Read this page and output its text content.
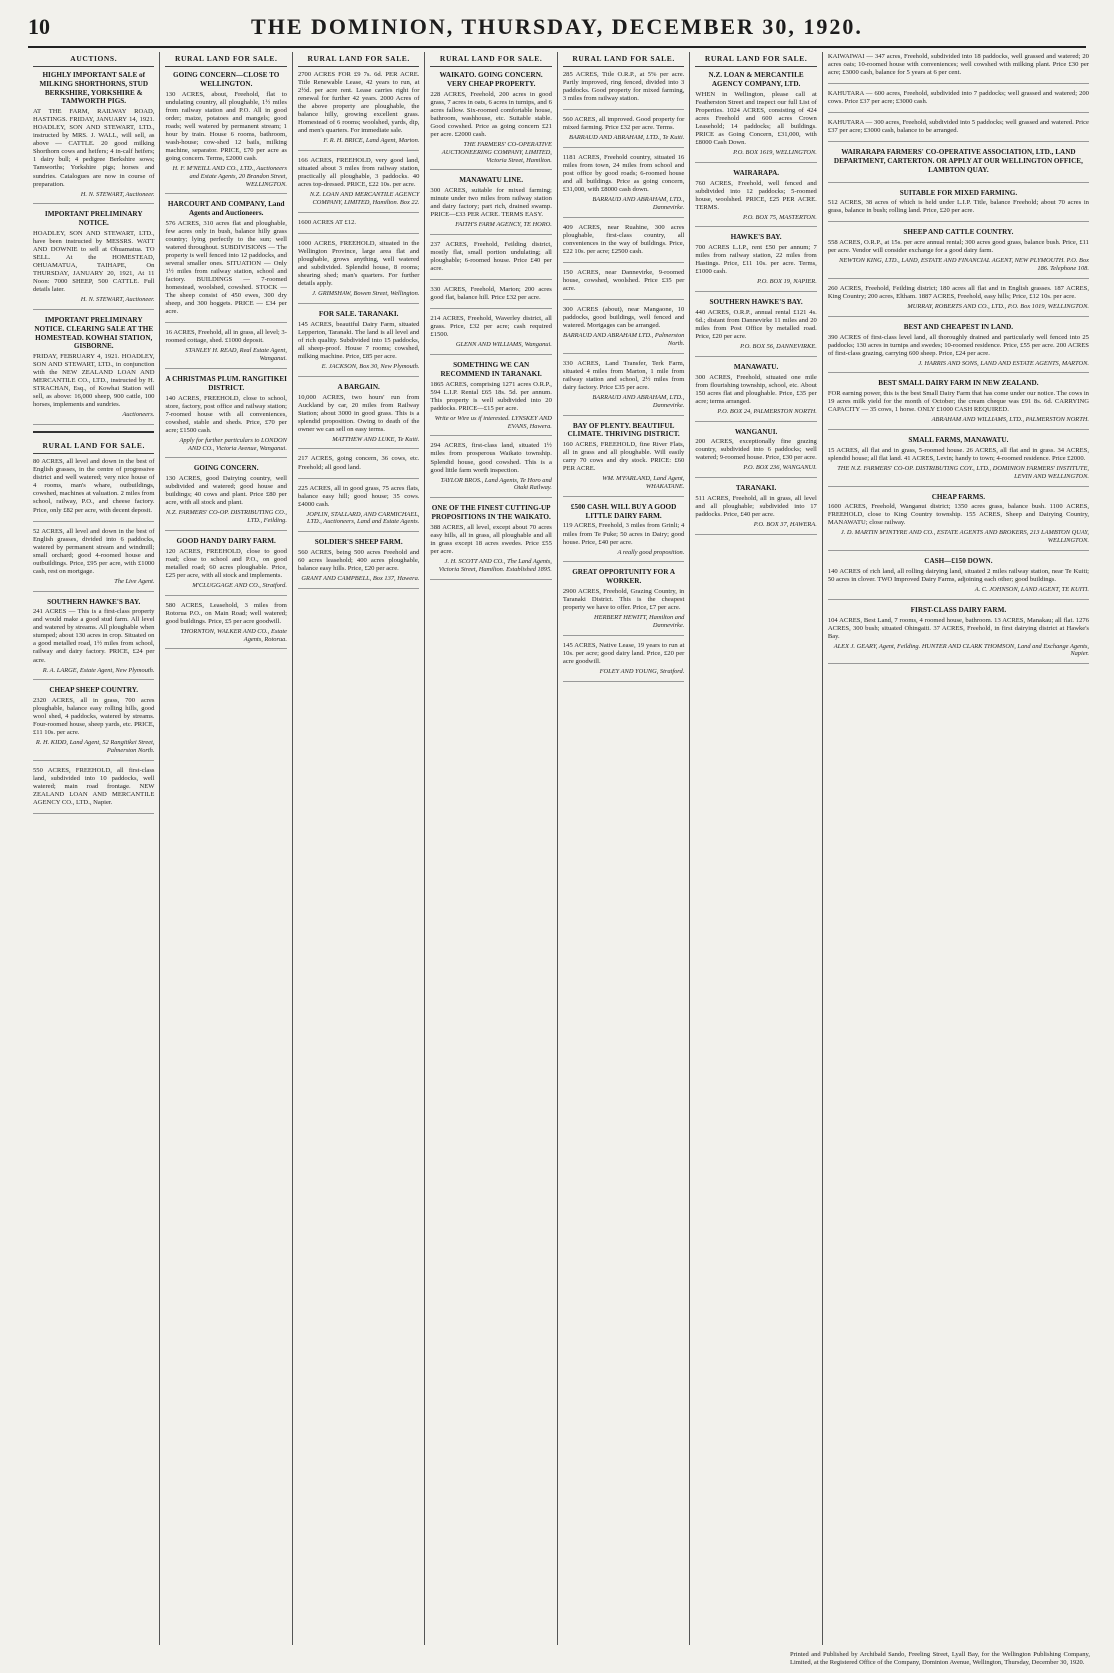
10	THE DOMINION, THURSDAY, DECEMBER 30, 1920.
AUCTIONS.
HIGHLY IMPORTANT SALE of MILKING SHORTHORNS, STUD BERKSHIRE, YORKSHIRE & TAMWORTH PIGS.
AT THE FARM, RAILWAY ROAD, HASTINGS. FRIDAY, JANUARY 14, 1921. HOADLEY, SON AND STEWART, LTD., instructed by MRS. J. WALL, will sell, as above — CATTLE. 20 good milking Shorthorn cows and heifers; 4 in-calf heifers; 1 dairy bull; 4 pedigree Berkshire sows; Tamworths; Yorkshire pigs; horses and sundries. Catalogues are now in course of preparation.
H. N. STEWART, Auctioneer.
IMPORTANT PRELIMINARY NOTICE.
HOADLEY, SON AND STEWART, LTD., have been instructed by MESSRS. WATT AND DOWNIE to sell at Ohuamatua. TO SELL. At the HOMESTEAD, OHUAMATUA, TAIHAPE, On THURSDAY, JANUARY 20, 1921, At 11 Noon: 7000 SHEEP, 500 CATTLE. Full details later.
H. N. STEWART, Auctioneer.
IMPORTANT PRELIMINARY NOTICE. CLEARING SALE AT THE HOMESTEAD. KOWHAI STATION, GISBORNE.
FRIDAY, FEBRUARY 4, 1921. HOADLEY, SON AND STEWART, LTD., in conjunction with the NEW ZEALAND LOAN AND MERCANTILE CO., LTD., instructed by H. STRACHAN, Esq., of Kowhai Station will sell, as above: 16,000 sheep, 900 cattle, 100 horses, implements and sundries.
Auctioneers.
RURAL LAND FOR SALE.
80 ACRES, all level and down in the best of English grasses, in the centre of progressive district and well watered; very nice house of 4 rooms, man's whare, outbuildings, cowshed, machines at valuation. 2 miles from school, railway, P.O., and cheese factory. Price, only £82 per acre, with decent deposit.
52 ACRES, all level and down in the best of English grasses, divided into 6 paddocks, watered by permanent stream and windmill; small orchard; good 4-roomed house and outbuildings. Price, £95 per acre, with £1000 cash, rest on mortgage.
The Live Agent.
SOUTHERN HAWKE'S BAY.
241 ACRES — This is a first-class property and would make a good stud farm. All level and watered by streams. All ploughable when stumped; about 130 acres in crop. Situated on a good metalled road, 1½ miles from school, railway and dairy factory. PRICE, £24 per acre.
R. A. LARGE, Estate Agent, New Plymouth.
CHEAP SHEEP COUNTRY.
2320 ACRES, all in grass, 700 acres ploughable, balance easy rolling hills, good wool shed, 4 paddocks, watered by streams. Four-roomed house, sheep yards, etc. PRICE, £11 10s. per acre.
R. H. KIDD, Land Agent, 52 Rangitikei Street, Palmerston North.
550 ACRES, FREEHOLD, all first-class land, subdivided into 10 paddocks, well watered; main road frontage. NEW ZEALAND LOAN AND MERCANTILE AGENCY CO., LTD., Napier.
RURAL LAND FOR SALE.
GOING CONCERN—CLOSE TO WELLINGTON.
130 ACRES, about, Freehold, flat to undulating country, all ploughable, 1½ miles from railway station and P.O. All in good order; maize, potatoes and mangels; good roads; well watered by permanent stream; 1 hour by train. House 6 rooms, bathroom, wash-house; cow-shed 12 bails, milking machine, separator. PRICE, £70 per acre as going concern. Terms, £2000 cash.
H. F. M'NEILL AND CO., LTD., Auctioneers and Estate Agents, 20 Brandon Street, WELLINGTON.
HARCOURT AND COMPANY, Land Agents and Auctioneers.
576 ACRES, 310 acres flat and ploughable, few acres only in bush, balance hilly grass country; lying perfectly to the sun; well watered throughout. SUBDIVISIONS — The property is well fenced into 12 paddocks, and several smaller ones. SITUATION — Only 1½ miles from railway station, school and factory. BUILDINGS — 7-roomed homestead, woolshed, cowshed. STOCK — The sheep consist of 450 ewes, 300 dry sheep, and 300 hoggets. PRICE — £34 per acre.
16 ACRES, Freehold, all in grass, all level; 3-roomed cottage, shed. £1000 deposit.
STANLEY H. READ, Real Estate Agent, Wanganui.
A CHRISTMAS PLUM. RANGITIKEI DISTRICT.
140 ACRES, FREEHOLD, close to school, store, factory, post office and railway station; 7-roomed house with all conveniences, cowshed, stable and sheds. Price, £70 per acre; £1500 cash.
Apply for further particulars to LONDON AND CO., Victoria Avenue, Wanganui.
GOING CONCERN.
130 ACRES, good Dairying country, well subdivided and watered; good house and buildings; 40 cows and plant. Price £80 per acre, with all stock and plant.
N.Z. FARMERS' CO-OP. DISTRIBUTING CO., LTD., Feilding.
GOOD HANDY DAIRY FARM.
120 ACRES, FREEHOLD, close to good road; close to school and P.O., on good metalled road; 60 acres ploughable. Price, £25 per acre, with all stock and implements.
M'CLUGGAGE AND CO., Stratford.
580 ACRES, Leasehold, 3 miles from Rotorua P.O., on Main Road; well watered; good buildings. Price, £5 per acre goodwill.
THORNTON, WALKER AND CO., Estate Agents, Rotorua.
RURAL LAND FOR SALE.
2700 ACRES FOR £9 7s. 6d. PER ACRE. Title Renewable Lease, 42 years to run, at 2½d. per acre rent. Lease carries right for renewal for further 42 years. 2000 Acres of the above property are ploughable, the balance hilly, growing excellent grass. Homestead of 6 rooms; woolshed, yards, dip, and men's quarters. For immediate sale.
F. R. H. BRICE, Land Agent, Marton.
166 ACRES, FREEHOLD, very good land, situated about 3 miles from railway station, practically all ploughable, 3 paddocks. 40 acres top-dressed. PRICE, £22 10s. per acre.
N.Z. LOAN AND MERCANTILE AGENCY COMPANY, LIMITED, Hamilton. Box 22.
1600 ACRES AT £12.
1000 ACRES, FREEHOLD, situated in the Wellington Province, large area flat and ploughable, grows anything, well watered and subdivided. Splendid house, 8 rooms; shearing shed; man's quarters. For further details apply.
J. GRIMSHAW, Bowen Street, Wellington.
FOR SALE. TARANAKI.
145 ACRES, beautiful Dairy Farm, situated Lepperton, Taranaki. The land is all level and of rich quality. Subdivided into 15 paddocks, all sheep-proof. House 7 rooms; cowshed, milking machine. Price, £85 per acre.
E. JACKSON, Box 30, New Plymouth.
A BARGAIN.
10,000 ACRES, two hours' run from Auckland by car, 20 miles from Railway Station; about 3000 in good grass. This is a splendid proposition. Owing to death of the owner we can sell on easy terms.
MATTHEW AND LUKE, Te Kuiti.
217 ACRES, going concern, 36 cows, etc. Freehold; all good land.
225 ACRES, all in good grass, 75 acres flats, balance easy hill; good house; 35 cows. £4000 cash.
JOPLIN, STALLARD, AND CARMICHAEL, LTD., Auctioneers, Land and Estate Agents.
SOLDIER'S SHEEP FARM.
560 ACRES, being 500 acres Freehold and 60 acres leasehold; 400 acres ploughable, balance easy hills. Price, £20 per acre.
GRANT AND CAMPBELL, Box 137, Hawera.
RURAL LAND FOR SALE.
WAIKATO. GOING CONCERN. VERY CHEAP PROPERTY.
228 ACRES, Freehold, 200 acres in good grass, 7 acres in oats, 6 acres in turnips, and 6 acres fallow. Six-roomed comfortable house, bathroom, washhouse, etc. Suitable stable. Good cowshed. Price as going concern £21 per acre. £2000 cash.
THE FARMERS' CO-OPERATIVE AUCTIONEERING COMPANY, LIMITED, Victoria Street, Hamilton.
MANAWATU LINE.
300 ACRES, suitable for mixed farming; minute under two miles from railway station and dairy factory; part rich, drained swamp. PRICE—£33 PER ACRE. TERMS EASY.
FAITH'S FARM AGENCY, TE HORO.
237 ACRES, Freehold, Feilding district, mostly flat, small portion undulating; all ploughable; 6-roomed house. Price £40 per acre.
330 ACRES, Freehold, Marton; 200 acres good flat, balance hill. Price £32 per acre.
214 ACRES, Freehold, Waverley district, all grass. Price, £32 per acre; cash required £1500.
GLENN AND WILLIAMS, Wanganui.
SOMETHING WE CAN RECOMMEND IN TARANAKI.
1865 ACRES, comprising 1271 acres O.R.P., 594 L.I.P. Rental £65 18s. 5d. per annum. This property is well subdivided into 20 paddocks. PRICE—£15 per acre.
Write or Wire us if interested. LYNSKEY AND EVANS, Hawera.
294 ACRES, first-class land, situated 1½ miles from prosperous Waikato township. Splendid house, good cowshed. This is a good little farm worth inspection.
TAYLOR BROS., Land Agents, Te Horo and Otaki Railway.
ONE OF THE FINEST CUTTING-UP PROPOSITIONS IN THE WAIKATO.
388 ACRES, all level, except about 70 acres easy hills, all in grass, all ploughable and all in grass except 18 acres swedes. Price £55 per acre.
J. H. SCOTT AND CO., The Land Agents, Victoria Street, Hamilton. Established 1895.
RURAL LAND FOR SALE.
285 ACRES, Title O.R.P., at 5% per acre. Partly improved, ring fenced, divided into 3 paddocks. Good property for mixed farming, 3 miles from railway station.
560 ACRES, all improved. Good property for mixed farming. Price £32 per acre. Terms.
BARRAUD AND ABRAHAM, LTD., Te Kuiti.
1181 ACRES, Freehold country, situated 16 miles from town, 24 miles from school and post office by good roads; 6-roomed house and all buildings. Price as going concern, £31,000, with £8000 cash down.
BARRAUD AND ABRAHAM, LTD., Dannevirke.
409 ACRES, near Ruahine, 300 acres ploughable, first-class country, all conveniences in the way of buildings. Price, £22 10s. per acre; £2500 cash.
150 ACRES, near Dannevirke, 9-roomed house, cowshed, woolshed. Price £35 per acre.
300 ACRES (about), near Mangaone, 10 paddocks, good buildings, well fenced and watered. Mortgages can be arranged.
BARRAUD AND ABRAHAM LTD., Palmerston North.
330 ACRES, Land Transfer, Terk Farm, situated 4 miles from Marton, 1 mile from railway station and school, 2½ miles from dairy factory. Price £35 per acre.
BARRAUD AND ABRAHAM, LTD., Dannevirke.
BAY OF PLENTY. BEAUTIFUL CLIMATE. THRIVING DISTRICT.
160 ACRES, FREEHOLD, fine River Flats, all in grass and all ploughable. Will easily carry 70 cows and dry stock. PRICE: £60 PER ACRE.
WM. M'FARLAND, Land Agent, WHAKATANE.
£500 CASH. WILL BUY A GOOD LITTLE DAIRY FARM.
119 ACRES, Freehold, 3 miles from Grinli; 4 miles from Te Puke; 50 acres in Dairy; good house. Price, £40 per acre.
A really good proposition.
GREAT OPPORTUNITY FOR A WORKER.
2900 ACRES, Freehold, Grazing Country, in Taranaki District. This is the cheapest property we have to offer. Price, £7 per acre.
HERBERT HEWITT, Hamilton and Dannevirke.
145 ACRES, Native Lease, 19 years to run at 10s. per acre; good dairy land. Price, £20 per acre goodwill.
FOLEY AND YOUNG, Stratford.
RURAL LAND FOR SALE.
N.Z. LOAN & MERCANTILE AGENCY COMPANY, LTD.
WHEN in Wellington, please call at Featherston Street and inspect our full List of Properties. 1024 ACRES, consisting of 424 acres Freehold and 600 acres Crown Leasehold; 14 paddocks; all buildings. PRICE as Going Concern, £31,000, with £8000 Cash Down.
P.O. BOX 1619, WELLINGTON.
WAIRARAPA.
760 ACRES, Freehold, well fenced and subdivided into 12 paddocks; 5-roomed house, woolshed. PRICE, £25 PER ACRE. TERMS.
P.O. BOX 75, MASTERTON.
HAWKE'S BAY.
700 ACRES L.I.P., rent £50 per annum; 7 miles from railway station, 22 miles from Hastings. Price, £11 10s. per acre. Terms, £1000 cash.
P.O. BOX 19, NAPIER.
SOUTHERN HAWKE'S BAY.
440 ACRES, O.R.P., annual rental £121 4s. 6d.; distant from Dannevirke 11 miles and 20 miles from Post Office by metalled road. Price, £20 per acre.
P.O. BOX 56, DANNEVIRKE.
MANAWATU.
300 ACRES, Freehold, situated one mile from flourishing township, school, etc. About 150 acres flat and ploughable. Price, £35 per acre; terms arranged.
P.O. BOX 24, PALMERSTON NORTH.
WANGANUI.
200 ACRES, exceptionally fine grazing country, subdivided into 6 paddocks; well watered; 9-roomed house. Price, £30 per acre.
P.O. BOX 236, WANGANUI.
TARANAKI.
511 ACRES, Freehold, all in grass, all level and all ploughable; subdivided into 17 paddocks. Price, £40 per acre.
P.O. BOX 37, HAWERA.
KAIWAIWAI — 347 acres, Freehold, subdivided into 18 paddocks, well grassed and watered; 20 acres oats; 10-roomed house with conveniences; well cowshed with milking plant. Price £30 per acre; £3000 cash, balance for 5 years at 6 per cent.
KAHUTARA — 600 acres, Freehold, subdivided into 7 paddocks; well grassed and watered; 200 cows. Price £37 per acre; £3000 cash.
KAHUTARA — 300 acres, Freehold, subdivided into 5 paddocks; well grassed and watered. Price £37 per acre; £3000 cash, balance to be arranged.
WAIRARAPA FARMERS' CO-OPERATIVE ASSOCIATION, LTD., LAND DEPARTMENT, CARTERTON. OR APPLY AT OUR WELLINGTON OFFICE, LAMBTON QUAY.
SUITABLE FOR MIXED FARMING.
512 ACRES, 38 acres of which is held under L.I.P. Title, balance Freehold; about 70 acres in grass, balance in bush; rolling land. Price, £20 per acre.
SHEEP AND CATTLE COUNTRY.
558 ACRES, O.R.P., at 15s. per acre annual rental; 300 acres good grass, balance bush. Price, £11 per acre. Vendor will consider exchange for a good dairy farm.
NEWTON KING, LTD., LAND, ESTATE AND FINANCIAL AGENT, NEW PLYMOUTH. P.O. Box 186. Telephone 108.
260 ACRES, Freehold, Feilding district; 180 acres all flat and in English grasses. 187 ACRES, King Country; 200 acres, Eltham. 1887 ACRES, Freehold, easy hills; Price, £12 10s. per acre.
MURRAY, ROBERTS AND CO., LTD., P.O. Box 1019, WELLINGTON.
BEST AND CHEAPEST IN LAND.
390 ACRES of first-class level land, all thoroughly drained and particularly well fenced into 25 paddocks; 130 acres in turnips and swedes; 10-roomed residence. Price, £55 per acre. 200 ACRES of first-class grazing, carrying 600 sheep. Price, £24 per acre.
J. HARRIS AND SONS, LAND AND ESTATE AGENTS, MARTON.
BEST SMALL DAIRY FARM IN NEW ZEALAND.
FOR earning power, this is the best Small Dairy Farm that has come under our notice. The cows in 19 acres milk yield for the month of October; the cream cheque was £91 8s. 6d. CARRYING CAPACITY — 35 cows, 1 horse. ONLY £1000 CASH REQUIRED.
ABRAHAM AND WILLIAMS, LTD., PALMERSTON NORTH.
SMALL FARMS, MANAWATU.
15 ACRES, all flat and in grass, 5-roomed house. 26 ACRES, all flat and in grass. 34 ACRES, splendid house; all flat land. 41 ACRES, Levin; handy to town; 4-roomed residence. Price £2000.
THE N.Z. FARMERS' CO-OP. DISTRIBUTING COY., LTD., DOMINION FARMERS' INSTITUTE, LEVIN AND WELLINGTON.
CHEAP FARMS.
1600 ACRES, Freehold, Wanganui district; 1350 acres grass, balance bush. 1100 ACRES, FREEHOLD, close to King Country township. 155 ACRES, Sheep and Dairying Country, MANAWATU; close railway.
J. D. MARTIN M'INTYRE AND CO., ESTATE AGENTS AND BROKERS, 213 LAMBTON QUAY, WELLINGTON.
CASH—£150 DOWN.
140 ACRES of rich land, all rolling dairying land, situated 2 miles railway station, near Te Kuiti; 50 acres in clover. TWO Improved Dairy Farms, adjoining each other; good buildings.
A. C. JOHNSON, LAND AGENT, TE KUITI.
FIRST-CLASS DAIRY FARM.
104 ACRES, Best Land, 7 rooms, 4 roomed house, bathroom. 13 ACRES, Manakau; all flat. 1276 ACRES, 300 bush; situated Ohingaiti. 37 ACRES, Freehold, in first dairying district at Hawke's Bay.
ALEX J. GEARY, Agent, Feilding. HUNTER AND CLARK THOMSON, Land and Exchange Agents, Napier.
Printed and Published by Archibald Sando, Freeling Street, Lyall Bay, for the Wellington Publishing Company, Limited, at the Registered Office of the Company, Dominion Avenue, Wellington, Thursday, December 30, 1920.
